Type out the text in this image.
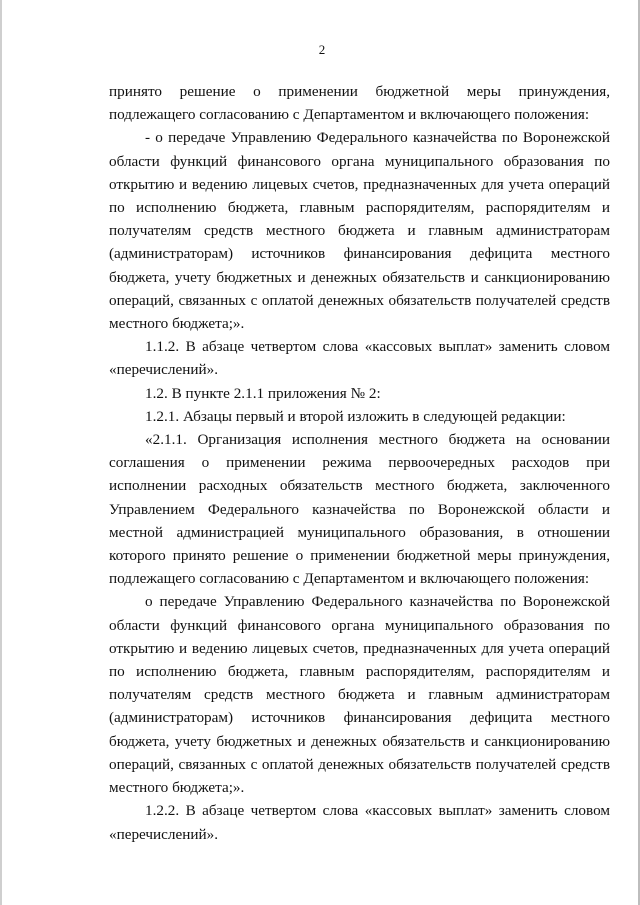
2

принято решение о применении бюджетной меры принуждения, подлежащего согласованию с Департаментом и включающего положения:

- о передаче Управлению Федерального казначейства по Воронежской области функций финансового органа муниципального образования по открытию и ведению лицевых счетов, предназначенных для учета операций по исполнению бюджета, главным распорядителям, распорядителям и получателям средств местного бюджета и главным администраторам (администраторам) источников финансирования дефицита местного бюджета, учету бюджетных и денежных обязательств и санкционированию операций, связанных с оплатой денежных обязательств получателей средств местного бюджета;».

1.1.2. В абзаце четвертом слова «кассовых выплат» заменить словом «перечислений».

1.2. В пункте 2.1.1 приложения № 2:

1.2.1. Абзацы первый и второй изложить в следующей редакции:

«2.1.1. Организация исполнения местного бюджета на основании соглашения о применении режима первоочередных расходов при исполнении расходных обязательств местного бюджета, заключенного Управлением Федерального казначейства по Воронежской области и местной администрацией муниципального образования, в отношении которого принято решение о применении бюджетной меры принуждения, подлежащего согласованию с Департаментом и включающего положения:

о передаче Управлению Федерального казначейства по Воронежской области функций финансового органа муниципального образования по открытию и ведению лицевых счетов, предназначенных для учета операций по исполнению бюджета, главным распорядителям, распорядителям и получателям средств местного бюджета и главным администраторам (администраторам) источников финансирования дефицита местного бюджета, учету бюджетных и денежных обязательств и санкционированию операций, связанных с оплатой денежных обязательств получателей средств местного бюджета;».

1.2.2. В абзаце четвертом слова «кассовых выплат» заменить словом «перечислений».
